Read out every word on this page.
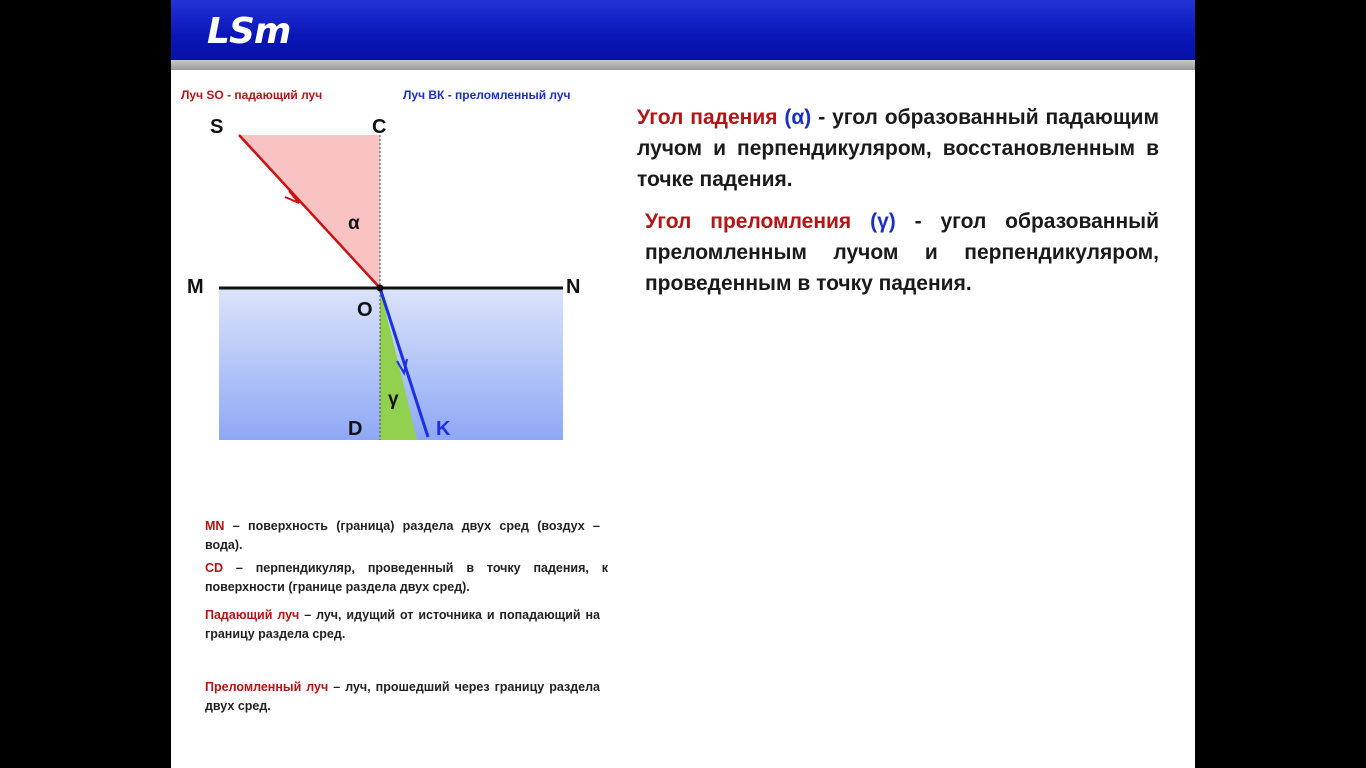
LSm
Луч SO - падающий луч	Луч ВК - преломленный луч
S	C
M	N
O
D	K
α
γ
Угол падения (α) - угол образованный падающим лучом и перпендикуляром, восстановленным в точке падения.
Угол преломления (γ) - угол образованный преломленным лучом и перпендикуляром, проведенным в точку падения.
MN – поверхность (граница) раздела двух сред (воздух – вода).
CD – перпендикуляр, проведенный в точку падения, к поверхности (границе раздела двух сред).
Падающий луч – луч, идущий от источника и попадающий на границу раздела сред.
Преломленный луч – луч, прошедший через границу раздела двух сред.
